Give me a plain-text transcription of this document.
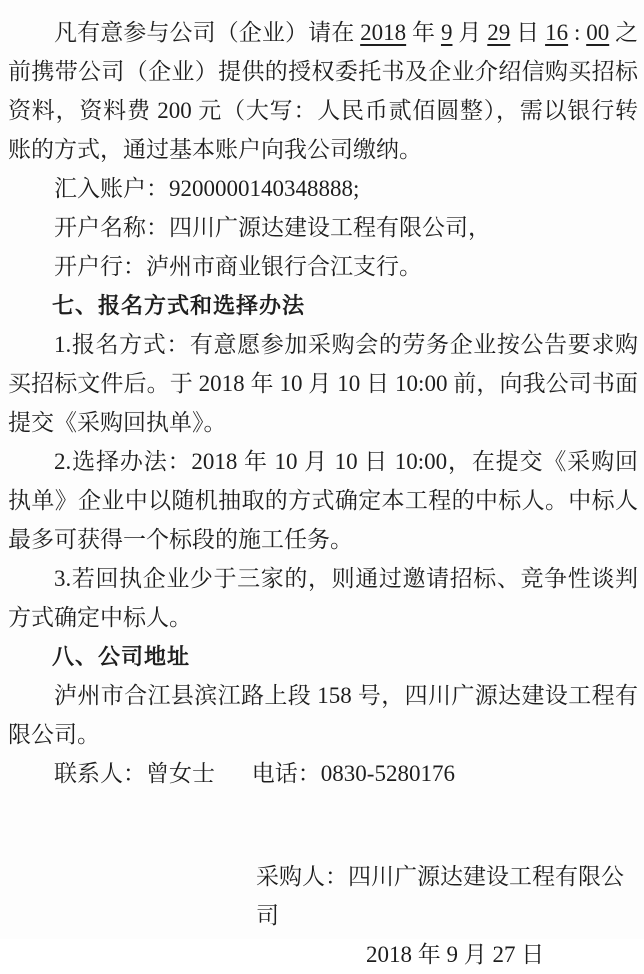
凡有意参与公司（企业）请在 2018 年 9 月 29 日 16 : 00 之前携带公司（企业）提供的授权委托书及企业介绍信购买招标资料，资料费 200 元（大写：人民币贰佰圆整），需以银行转账的方式，通过基本账户向我公司缴纳。

汇入账户：9200000140348888;

开户名称：四川广源达建设工程有限公司，

开户行：泸州市商业银行合江支行。

七、报名方式和选择办法

1.报名方式：有意愿参加采购会的劳务企业按公告要求购买招标文件后。于 2018 年 10 月 10 日 10:00 前，向我公司书面提交《采购回执单》。

2.选择办法：2018 年 10 月 10 日 10:00，在提交《采购回执单》企业中以随机抽取的方式确定本工程的中标人。中标人最多可获得一个标段的施工任务。

3.若回执企业少于三家的，则通过邀请招标、竞争性谈判方式确定中标人。

八、公司地址

泸州市合江县滨江路上段 158 号，四川广源达建设工程有限公司。

联系人：曾女士 电话：0830-5280176

采购人：四川广源达建设工程有限公司

2018 年 9 月 27 日
